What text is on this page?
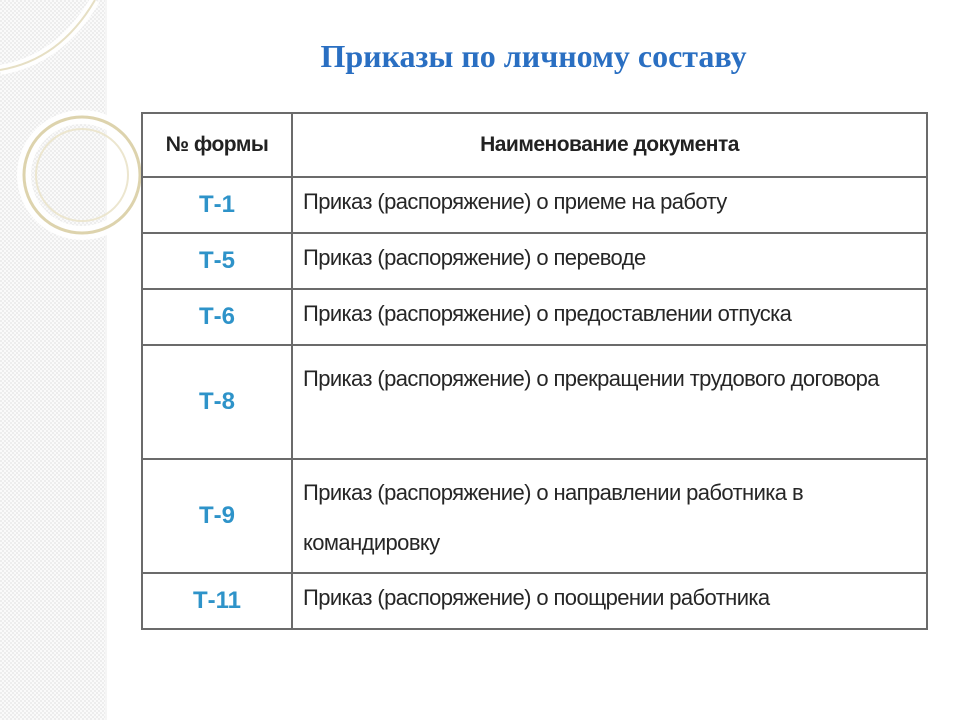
Приказы по личному составу
№ формы	Наименование документа
Т-1	Приказ (распоряжение) о приеме на работу
Т-5	Приказ (распоряжение) о переводе
Т-6	Приказ (распоряжение) о предоставлении отпуска
Т-8	Приказ (распоряжение) о прекращении трудового договора
Т-9	Приказ (распоряжение) о направлении работника в командировку
Т-11	Приказ (распоряжение) о поощрении работника
